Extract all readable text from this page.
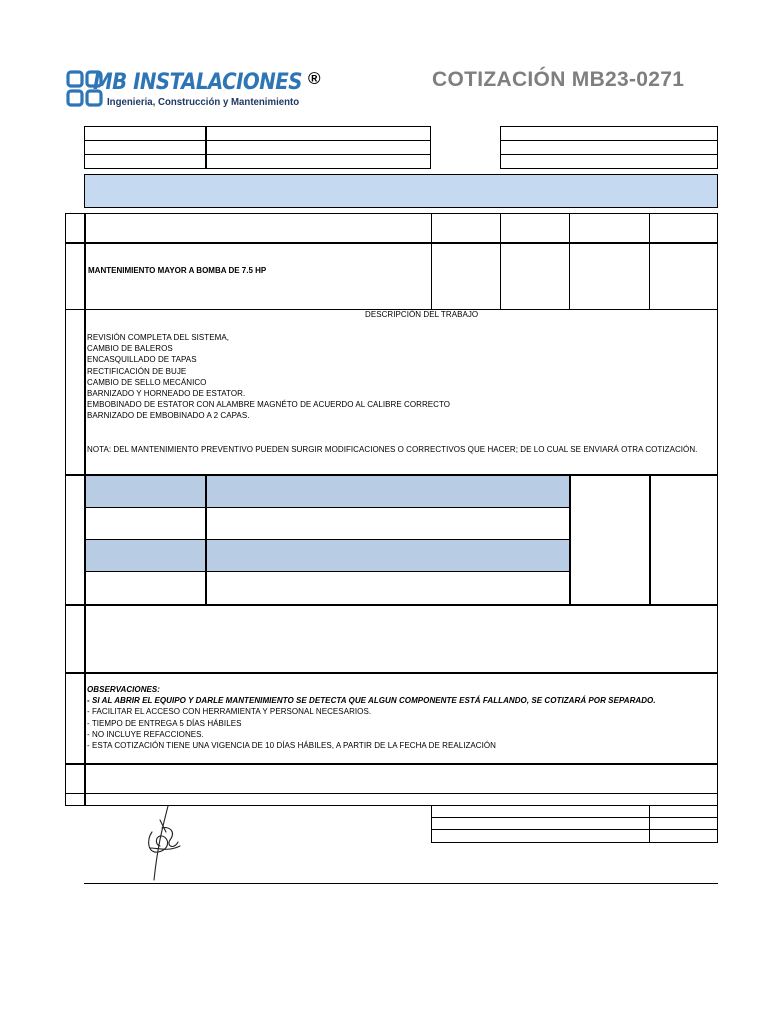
MB INSTALACIONES
Ingenieria, Construcción y Mantenimiento
®	COTIZACIÓN MB23-0271
MANTENIMIENTO MAYOR A BOMBA DE 7.5 HP
DESCRIPCIÓN DEL TRABAJO
REVISIÓN COMPLETA DEL SISTEMA,
CAMBIO DE BALEROS
ENCASQUILLADO DE TAPAS
RECTIFICACIÓN DE BUJE
CAMBIO DE SELLO MECÁNICO
BARNIZADO Y HORNEADO DE ESTATOR.
EMBOBINADO DE ESTATOR CON ALAMBRE MAGNÉTO DE ACUERDO AL CALIBRE CORRECTO
BARNIZADO DE EMBOBINADO A 2 CAPAS.
NOTA: DEL MANTENIMIENTO PREVENTIVO PUEDEN SURGIR MODIFICACIONES O CORRECTIVOS QUE HACER; DE LO CUAL SE ENVIARÁ OTRA COTIZACIÓN.
OBSERVACIONES:
- SI AL ABRIR EL EQUIPO Y DARLE MANTENIMIENTO SE DETECTA QUE ALGUN COMPONENTE ESTÁ FALLANDO, SE COTIZARÁ POR SEPARADO.
- FACILITAR EL ACCESO CON HERRAMIENTA Y PERSONAL NECESARIOS.
- TIEMPO DE ENTREGA 5 DÍAS HÁBILES
- NO INCLUYE REFACCIONES.
- ESTA COTIZACIÓN TIENE UNA VIGENCIA DE 10 DÍAS HÁBILES, A PARTIR DE LA FECHA DE REALIZACIÓN
